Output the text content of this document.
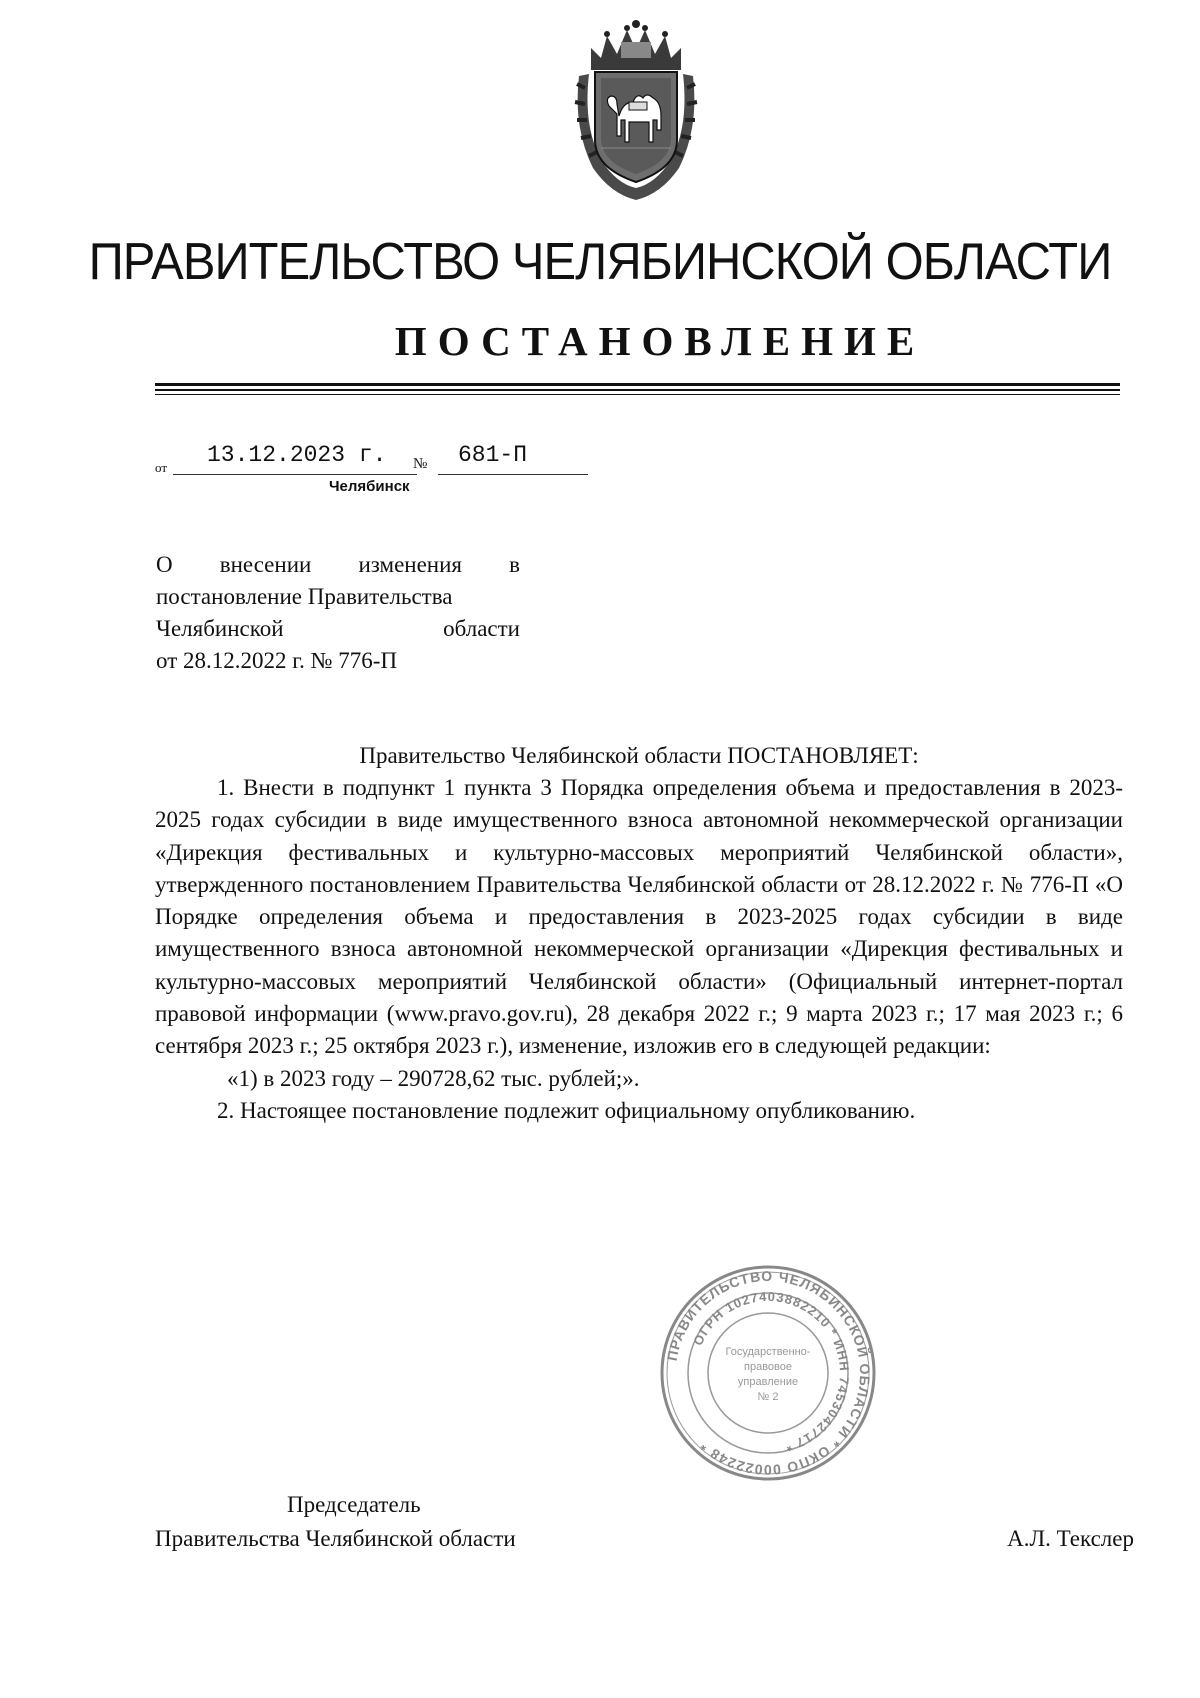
ПРАВИТЕЛЬСТВО ЧЕЛЯБИНСКОЙ ОБЛАСТИ
ПОСТАНОВЛЕНИЕ
от 13.12.2023 г. № 681-П
Челябинск
О внесении изменения в
постановление Правительства
Челябинской области
от 28.12.2022 г. № 776-П
Правительство Челябинской области ПОСТАНОВЛЯЕТ:

1. Внести в подпункт 1 пункта 3 Порядка определения объема и предоставления в 2023-2025 годах субсидии в виде имущественного взноса автономной некоммерческой организации «Дирекция фестивальных и культурно-массовых мероприятий Челябинской области», утвержденного постановлением Правительства Челябинской области от 28.12.2022 г. № 776-П «О Порядке определения объема и предоставления в 2023-2025 годах субсидии в виде имущественного взноса автономной некоммерческой организации «Дирекция фестивальных и культурно-массовых мероприятий Челябинской области» (Официальный интернет-портал правовой информации (www.pravo.gov.ru), 28 декабря 2022 г.; 9 марта 2023 г.; 17 мая 2023 г.; 6 сентября 2023 г.; 25 октября 2023 г.), изменение, изложив его в следующей редакции:

«1) в 2023 году – 290728,62 тыс. рублей;».

2. Настоящее постановление подлежит официальному опубликованию.

ПРАВИТЕЛЬСТВО ЧЕЛЯБИНСКОЙ ОБЛАСТИ * ОКПО 00022248 *
ОГРН 1027403882210 * ИНН 7453042717 *
Государственно-
правовое
управление
№ 2
Председатель
Правительства Челябинской области	А.Л. Текслер
